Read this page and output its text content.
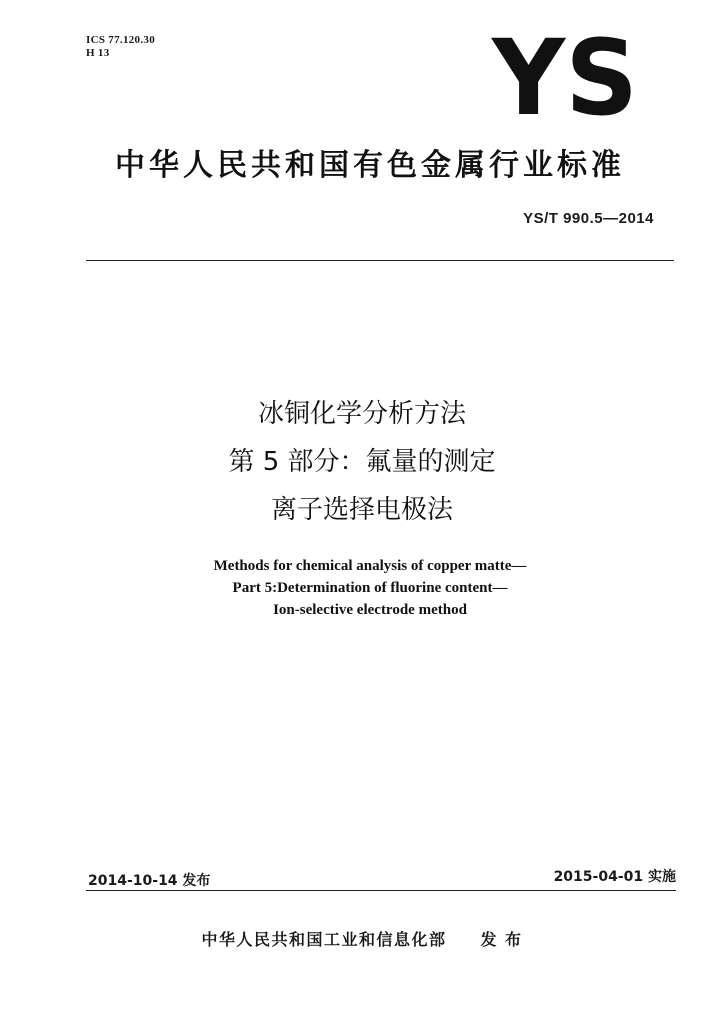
ICS 77.120.30
H 13	YS
中华人民共和国有色金属行业标准
YS/T 990.5—2014
冰铜化学分析方法
第 5 部分：氟量的测定
离子选择电极法
Methods for chemical analysis of copper matte—
Part 5:Determination of fluorine content—
Ion-selective electrode method
2014-10-14 发布	2015-04-01 实施
中华人民共和国工业和信息化部 发 布
